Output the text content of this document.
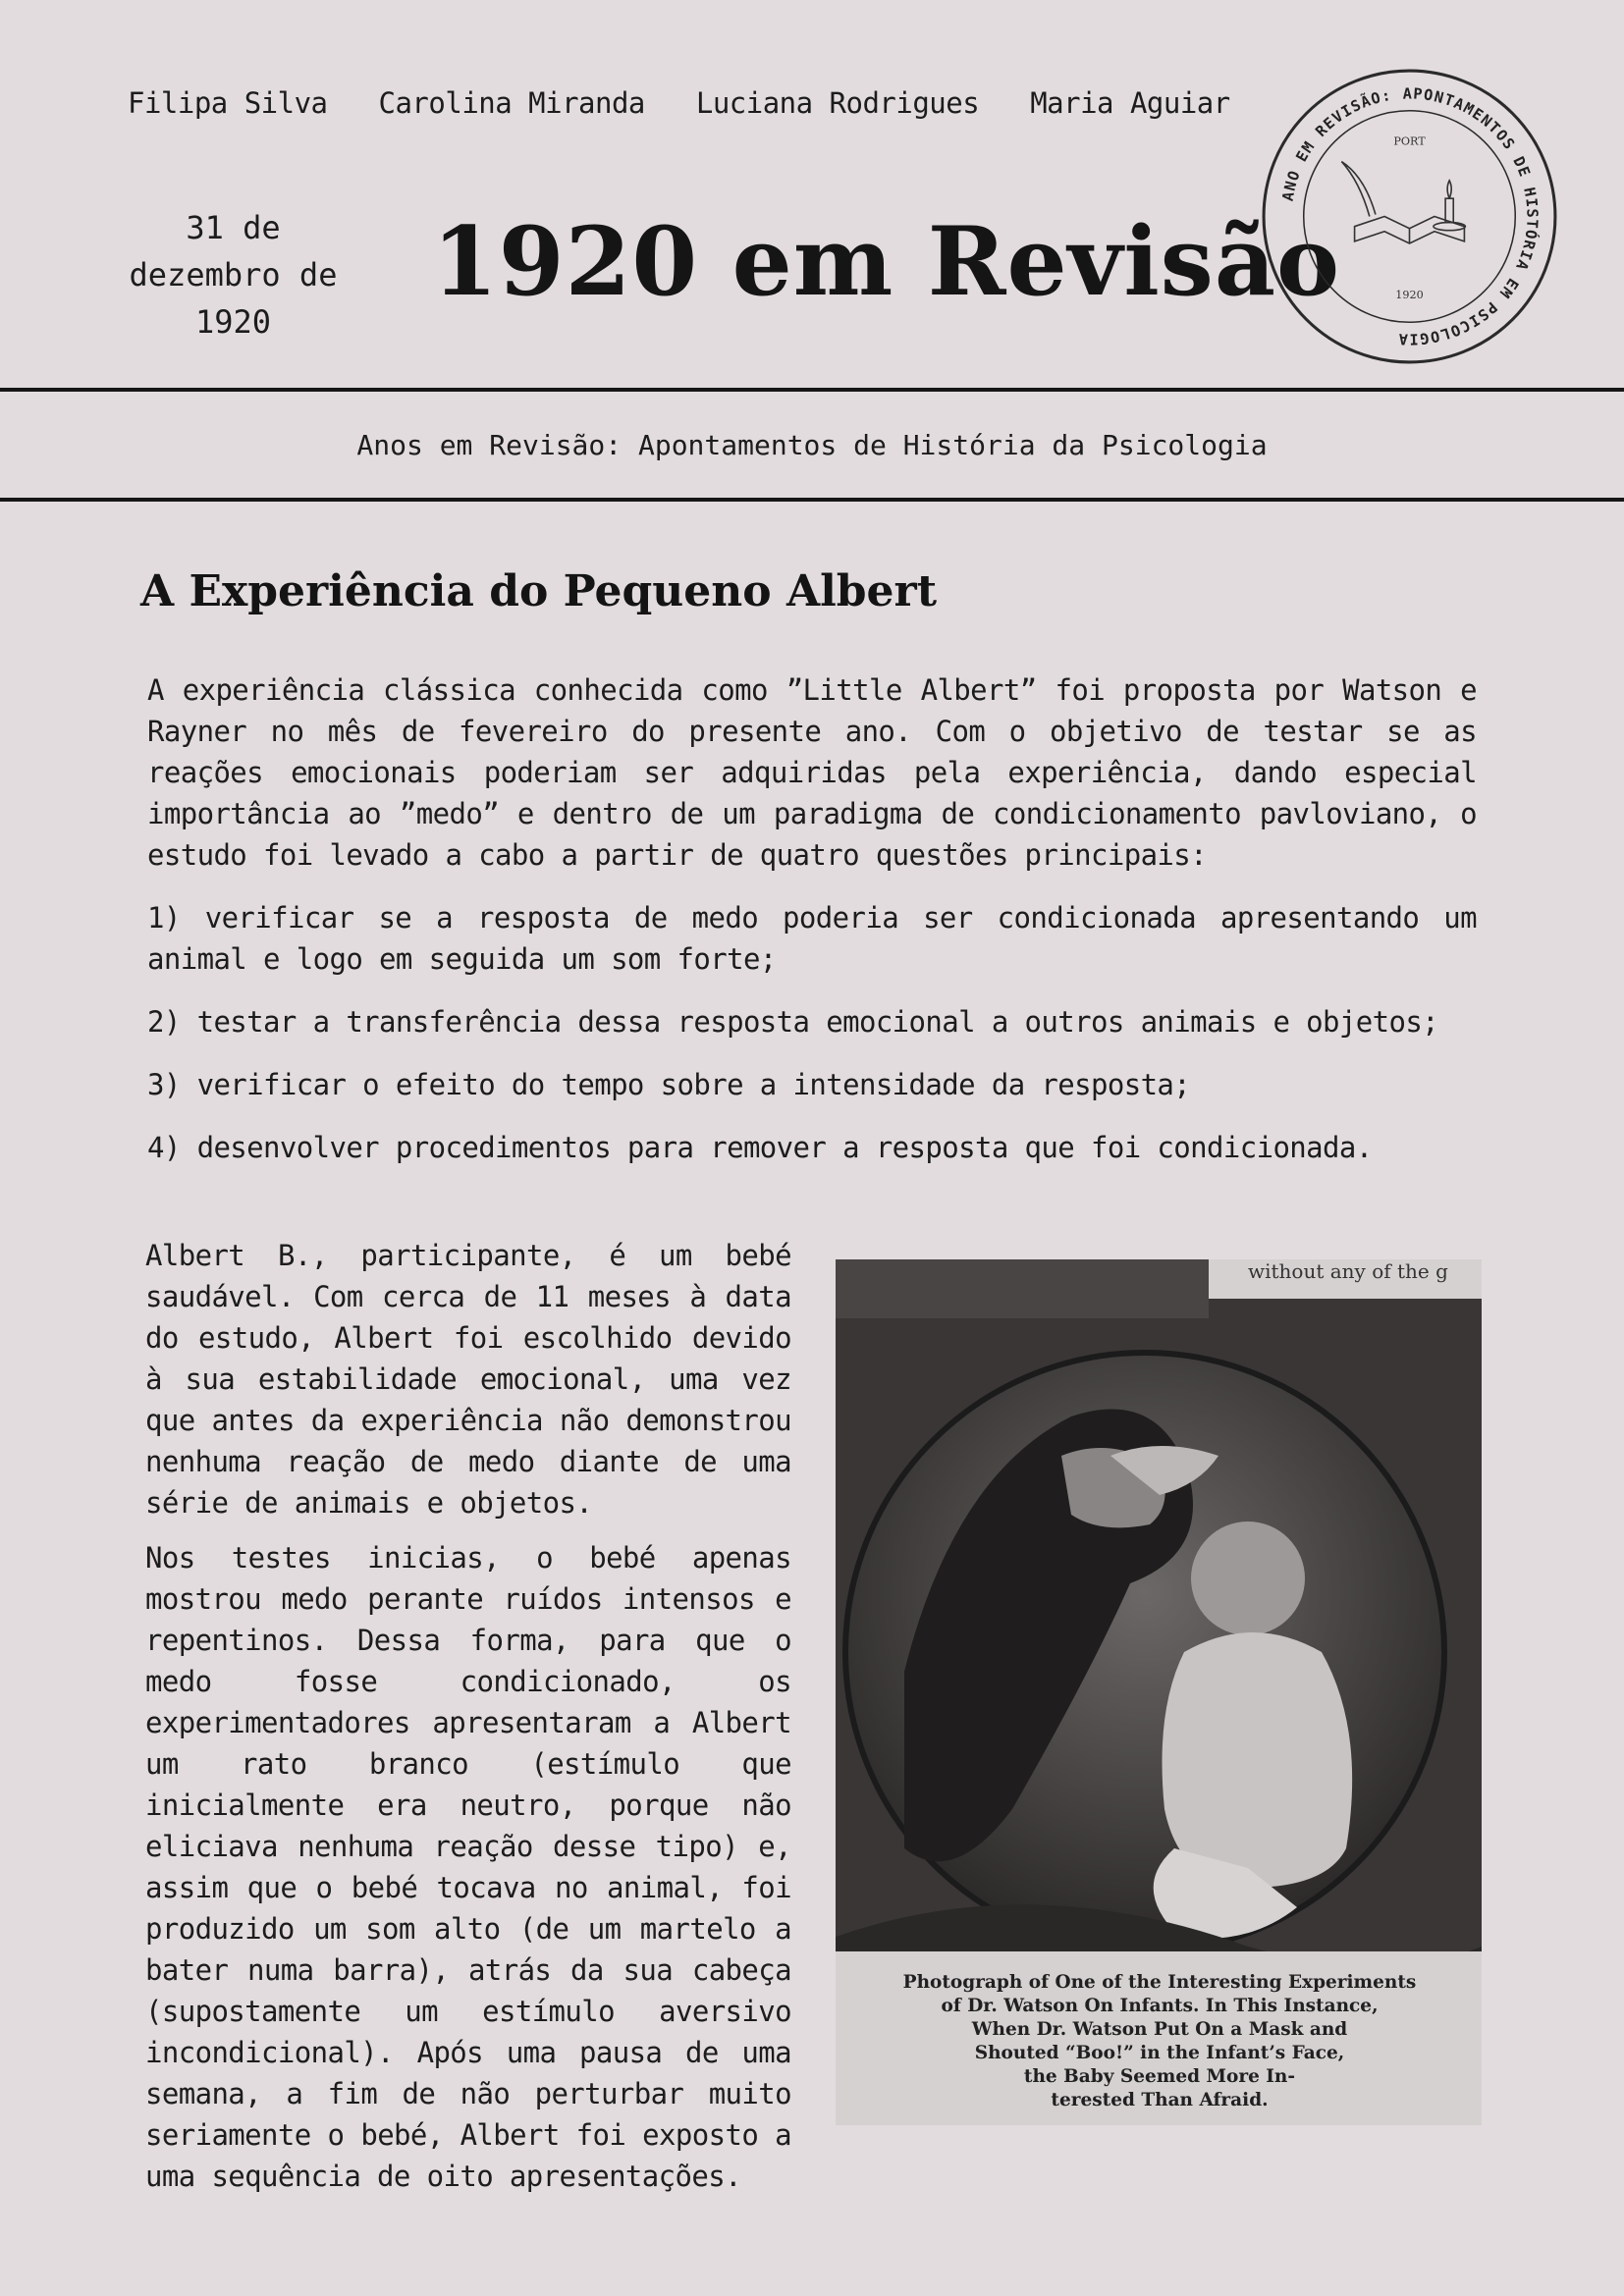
Filipa Silva Carolina Miranda Luciana Rodrigues Maria Aguiar
31 de
dezembro de
1920
1920 em Revisão
ANO EM REVISÃO: APONTAMENTOS DE HISTÓRIA EM PSICOLOGIA
PORT
1920
Anos em Revisão: Apontamentos de História da Psicologia
A Experiência do Pequeno Albert

A experiência clássica conhecida como ”Little Albert” foi proposta por Watson e Rayner no mês de fevereiro do presente ano. Com o objetivo de testar se as reações emocionais poderiam ser adquiridas pela experiência, dando especial importância ao ”medo” e dentro de um paradigma de condicionamento pavloviano, o estudo foi levado a cabo a partir de quatro questões principais:

1) verificar se a resposta de medo poderia ser condicionada apresentando um animal e logo em seguida um som forte;

2) testar a transferência dessa resposta emocional a outros animais e objetos;

3) verificar o efeito do tempo sobre a intensidade da resposta;

4) desenvolver procedimentos para remover a resposta que foi condicionada.

Albert B., participante, é um bebé saudável. Com cerca de 11 meses à data do estudo, Albert foi escolhido devido à sua estabilidade emocional, uma vez que antes da experiência não demonstrou nenhuma reação de medo diante de uma série de animais e objetos.

Nos testes inicias, o bebé apenas mostrou medo perante ruídos intensos e repentinos. Dessa forma, para que o medo fosse condicionado, os experimentadores apresentaram a Albert um rato branco (estímulo que inicialmente era neutro, porque não eliciava nenhuma reação desse tipo) e, assim que o bebé tocava no animal, foi produzido um som alto (de um martelo a bater numa barra), atrás da sua cabeça (supostamente um estímulo aversivo incondicional). Após uma pausa de uma semana, a fim de não perturbar muito seriamente o bebé, Albert foi exposto a uma sequência de oito apresentações.

without any of the g
Photograph of One of the Interesting Experiments
of Dr. Watson On Infants. In This Instance,
When Dr. Watson Put On a Mask and
Shouted “Boo!” in the Infant’s Face,
the Baby Seemed More In-
terested Than Afraid.
